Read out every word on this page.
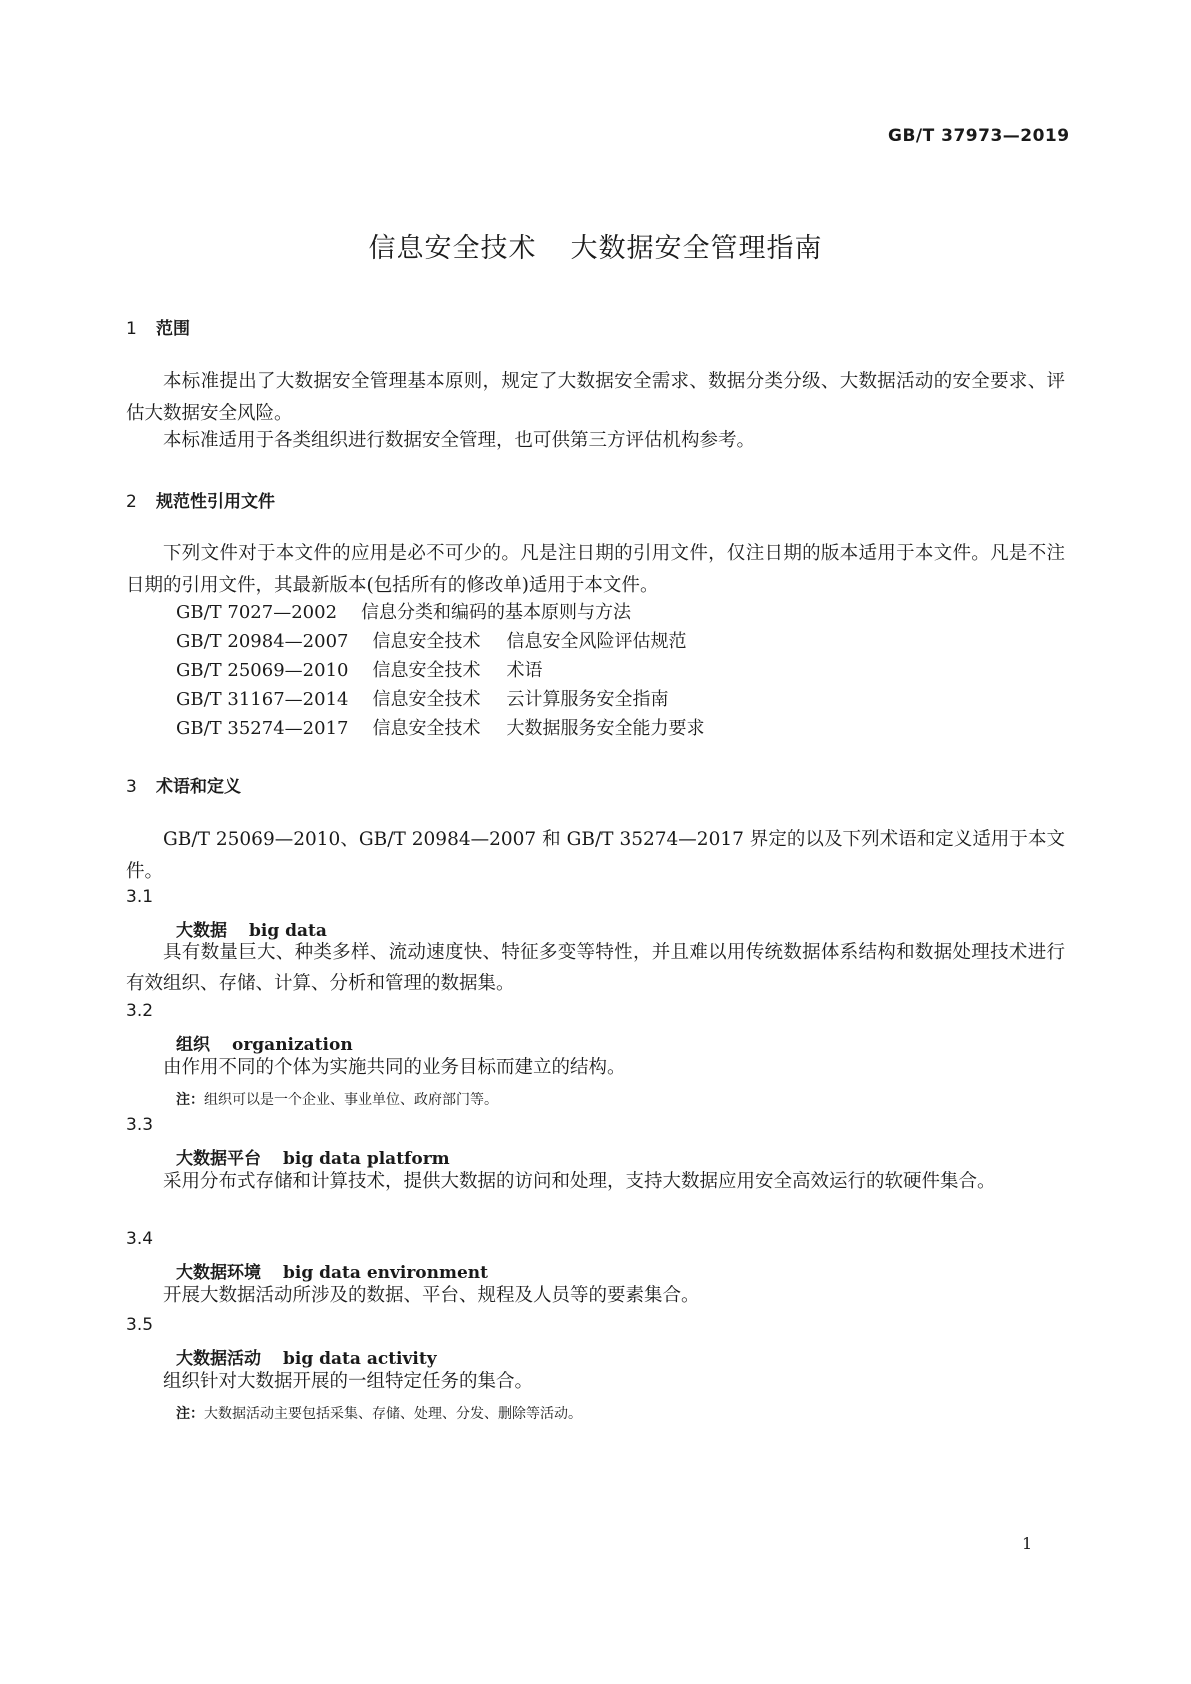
GB/T 37973—2019
信息安全技术 大数据安全管理指南
1 范围
本标准提出了大数据安全管理基本原则，规定了大数据安全需求、数据分类分级、大数据活动的安全要求、评估大数据安全风险。
本标准适用于各类组织进行数据安全管理，也可供第三方评估机构参考。
2 规范性引用文件
下列文件对于本文件的应用是必不可少的。凡是注日期的引用文件，仅注日期的版本适用于本文件。凡是不注日期的引用文件，其最新版本(包括所有的修改单)适用于本文件。
GB/T 7027—2002 信息分类和编码的基本原则与方法
GB/T 20984—2007 信息安全技术 信息安全风险评估规范
GB/T 25069—2010 信息安全技术 术语
GB/T 31167—2014 信息安全技术 云计算服务安全指南
GB/T 35274—2017 信息安全技术 大数据服务安全能力要求
3 术语和定义
GB/T 25069—2010、GB/T 20984—2007 和 GB/T 35274—2017 界定的以及下列术语和定义适用于本文件。
3.1
大数据 big data
具有数量巨大、种类多样、流动速度快、特征多变等特性，并且难以用传统数据体系结构和数据处理技术进行有效组织、存储、计算、分析和管理的数据集。
3.2
组织 organization
由作用不同的个体为实施共同的业务目标而建立的结构。
注：组织可以是一个企业、事业单位、政府部门等。
3.3
大数据平台 big data platform
采用分布式存储和计算技术，提供大数据的访问和处理，支持大数据应用安全高效运行的软硬件集合。
3.4
大数据环境 big data environment
开展大数据活动所涉及的数据、平台、规程及人员等的要素集合。
3.5
大数据活动 big data activity
组织针对大数据开展的一组特定任务的集合。
注：大数据活动主要包括采集、存储、处理、分发、删除等活动。
1
